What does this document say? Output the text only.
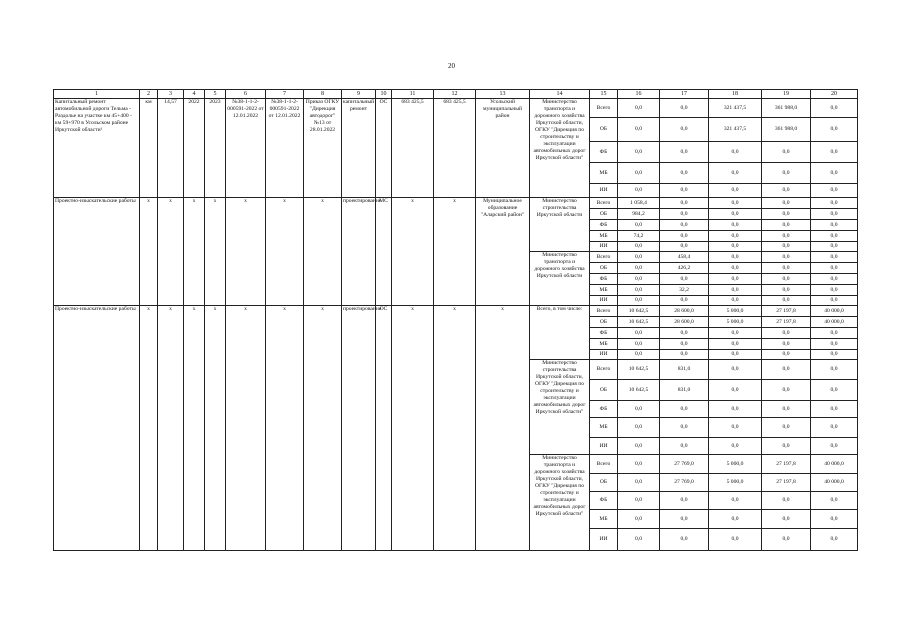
20
1	2	3	4	5	6	7	8	9	10	11	12	13	14	15	16	17	18	19	20
Капитальный ремонт автомобильной дороги Тельма - Раздолье на участке км 45+400 - км 59+970 в Усольском районе Иркутской области¹	км	14,57	2022	2023	№38-1-1-2-000591-2022 от 12.01.2022	№38-1-1-2-000591-2022 от 12.01.2022	Приказ ОГКУ "Дирекция автодорог" №13 от 28.01.2022	капитальный ремонт	ОС	683 425,5	683 425,5	Усольский муниципальный район	Министерство транспорта и дорожного хозяйства Иркутской области, ОГКУ "Дирекция по строительству и эксплуатации автомобильных дорог Иркутской области"	Всего	0,0	0,0	321 437,5	361 988,0	0,0
														ОБ	0,0	0,0	321 437,5	361 988,0	0,0
														ФБ	0,0	0,0	0,0	0,0	0,0
														МБ	0,0	0,0	0,0	0,0	0,0
														ИИ	0,0	0,0	0,0	0,0	0,0
Проектно-изыскательские работы	x	x	x	x	x	x	x	проектирование	МС	x	x	Муниципальное образование "Аларский район"	Министерство строительства Иркутской области	Всего	1 058,4	0,0	0,0	0,0	0,0
														ОБ	984,2	0,0	0,0	0,0	0,0
														ФБ	0,0	0,0	0,0	0,0	0,0
														МБ	74,2	0,0	0,0	0,0	0,0
														ИИ	0,0	0,0	0,0	0,0	0,0
													Министерство транспорта и дорожного хозяйства Иркутской области	Всего	0,0	458,4	0,0	0,0	0,0
														ОБ	0,0	426,2	0,0	0,0	0,0
														ФБ	0,0	0,0	0,0	0,0	0,0
														МБ	0,0	32,2	0,0	0,0	0,0
														ИИ	0,0	0,0	0,0	0,0	0,0
Проектно-изыскательские работы	x	x	x	x	x	x	x	проектирование	ОС	x	x	x	Всего, в том числе:	Всего	10 642,5	28 600,0	5 000,0	27 197,8	40 000,0
														ОБ	10 642,5	28 600,0	5 000,0	27 197,8	40 000,0
														ФБ	0,0	0,0	0,0	0,0	0,0
														МБ	0,0	0,0	0,0	0,0	0,0
														ИИ	0,0	0,0	0,0	0,0	0,0
													Министерство строительства Иркутской области, ОГКУ "Дирекция по строительству и эксплуатации автомобильных дорог Иркутской области"	Всего	10 642,5	831,0	0,0	0,0	0,0
														ОБ	10 642,5	831,0	0,0	0,0	0,0
														ФБ	0,0	0,0	0,0	0,0	0,0
														МБ	0,0	0,0	0,0	0,0	0,0
														ИИ	0,0	0,0	0,0	0,0	0,0
													Министерство транспорта и дорожного хозяйства Иркутской области, ОГКУ "Дирекция по строительству и эксплуатации автомобильных дорог Иркутской области"	Всего	0,0	27 769,0	5 000,0	27 197,8	40 000,0
														ОБ	0,0	27 769,0	5 000,0	27 197,8	40 000,0
														ФБ	0,0	0,0	0,0	0,0	0,0
														МБ	0,0	0,0	0,0	0,0	0,0
														ИИ	0,0	0,0	0,0	0,0	0,0
